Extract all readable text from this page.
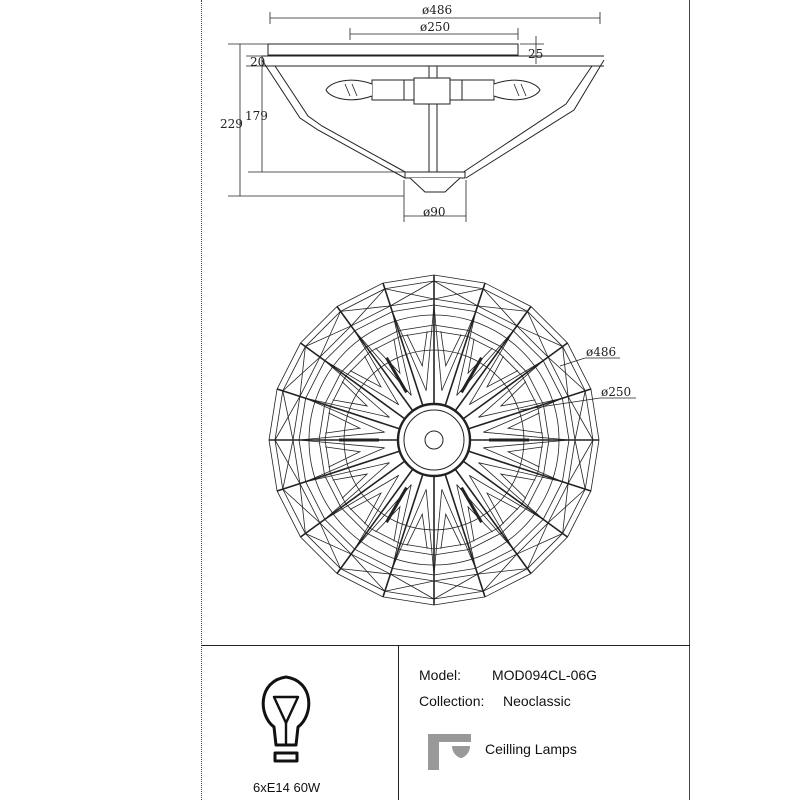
ø486
ø250
25
20
229
179
ø90
ø486
ø250
6xE14 60W
Model: MOD094CL-06G
Collection: Neoclassic
Ceilling Lamps
